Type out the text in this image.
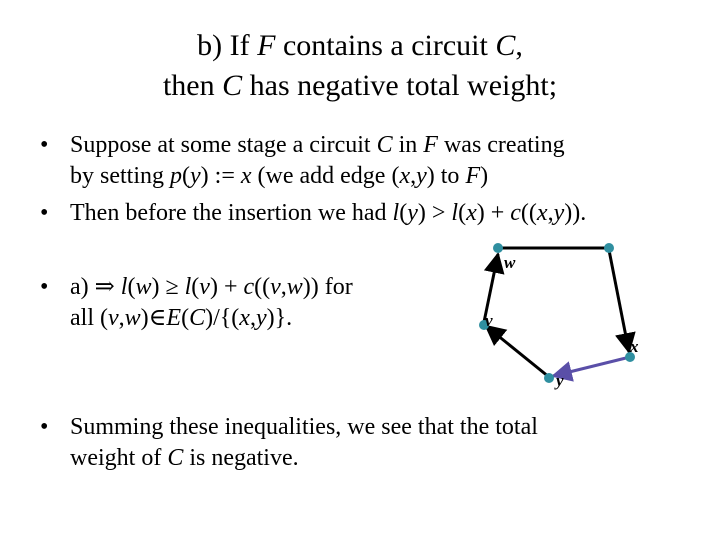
b) If F contains a circuit C,
then C has negative total weight;
• Suppose at some stage a circuit C in F was creating
by setting p(y) := x (we add edge (x,y) to F)
• Then before the insertion we had l(y) > l(x) + c((x,y)).
• a) ⇒ l(w) ≥ l(v) + c((v,w)) for
all (v,w)∈E(C)/{(x,y)}.
• Summing these inequalities, we see that the total
weight of C is negative.
w
v
x
y
